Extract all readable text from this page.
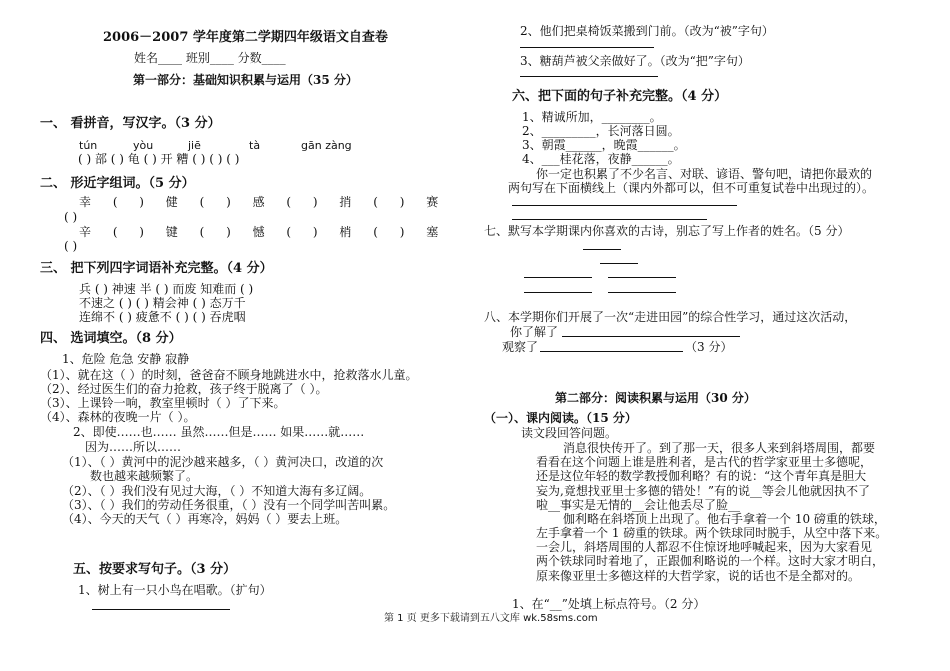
2006－2007 学年度第二学期四年级语文自查卷
姓名____ 班别____ 分数____
第一部分：基础知识积累与运用（35 分）
一、 看拼音，写汉字。（3 分）
tún	yòu	jiē	tà	gān zàng
( ) 部 ( ) 龟 ( ) 开 糟 ( ) ( ) ( )
二、 形近字组词。（5 分）
幸 ( ) 健 ( ) 感 ( ) 捎 ( ) 赛
( )
辛 ( ) 键 ( ) 憾 ( ) 梢 ( ) 塞
( )
三、 把下列四字词语补充完整。（4 分）
兵 ( ) 神速 半 ( ) 而废 知难而 ( )
不速之 ( ) ( ) 精会神 ( ) 态万千
连绵不 ( ) 疲惫不 ( ) ( ) 吞虎咽
四、 选词填空。（8 分）
1、危险 危急 安静 寂静
（1）、就在这（ ）的时刻，爸爸奋不顾身地跳进水中，抢救落水儿童。
（2）、经过医生们的奋力抢救，孩子终于脱离了（ ）。
（3）、上课铃一响，教室里顿时（ ）了下来。
（4）、森林的夜晚一片（ ）。
2、即使……也…… 虽然……但是…… 如果……就……
因为……所以……
（1）、（ ）黄河中的泥沙越来越多，（ ）黄河决口，改道的次
数也越来越频繁了。
（2）、（ ）我们没有见过大海，（ ）不知道大海有多辽阔。
（3）、（ ）我们的劳动任务很重，（ ）没有一个同学叫苦叫累。
（4）、今天的天气（ ）再寒冷，妈妈（ ）要去上班。
五、按要求写句子。（3 分）
1、树上有一只小鸟在唱歌。（扩句）
2、他们把桌椅饭菜搬到门前。（改为“被”字句）
3、糖葫芦被父亲做好了。（改为“把”字句）
六、把下面的句子补充完整。（4 分）
1、精诚所加，________。
2、_________，长河落日圆。
3、朝霞______，晚霞______。
4、___桂花落，夜静______。
你一定也积累了不少名言、对联、谚语、警句吧，请把你最欢的
两句写在下面横线上（课内外都可以，但不可重复试卷中出现过的）。
七、默写本学期课内你喜欢的古诗，别忘了写上作者的姓名。（5 分）
八、本学期你们开展了一次“走进田园”的综合性学习，通过这次活动，
你了解了
观察了	（3 分）
第二部分：阅读积累与运用（30 分）
（一）、课内阅读。（15 分）
读文段回答问题。
消息很快传开了。到了那一天，很多人来到斜塔周围，都要
看看在这个问题上谁是胜利者，是古代的哲学家亚里士多德呢，
还是这位年轻的数学教授伽利略？有的说：“这个青年真是胆大
妄为,竟想找亚里士多德的错处！”有的说__等会儿他就因执不了
啦__事实是无情的__会让他丢尽了脸__
伽利略在斜塔顶上出现了。他右手拿着一个 10 磅重的铁球，
左手拿着一个 1 磅重的铁球。两个铁球同时脱手，从空中落下来。
一会儿，斜塔周围的人都忍不住惊讶地呼喊起来，因为大家看见
两个铁球同时着地了，正跟伽利略说的一个样。这时大家才明白，
原来像亚里士多德这样的大哲学家，说的话也不是全都对的。
1、在“__”处填上标点符号。（2 分）
第 1 页 更多下载请到五八文库 wk.58sms.com
